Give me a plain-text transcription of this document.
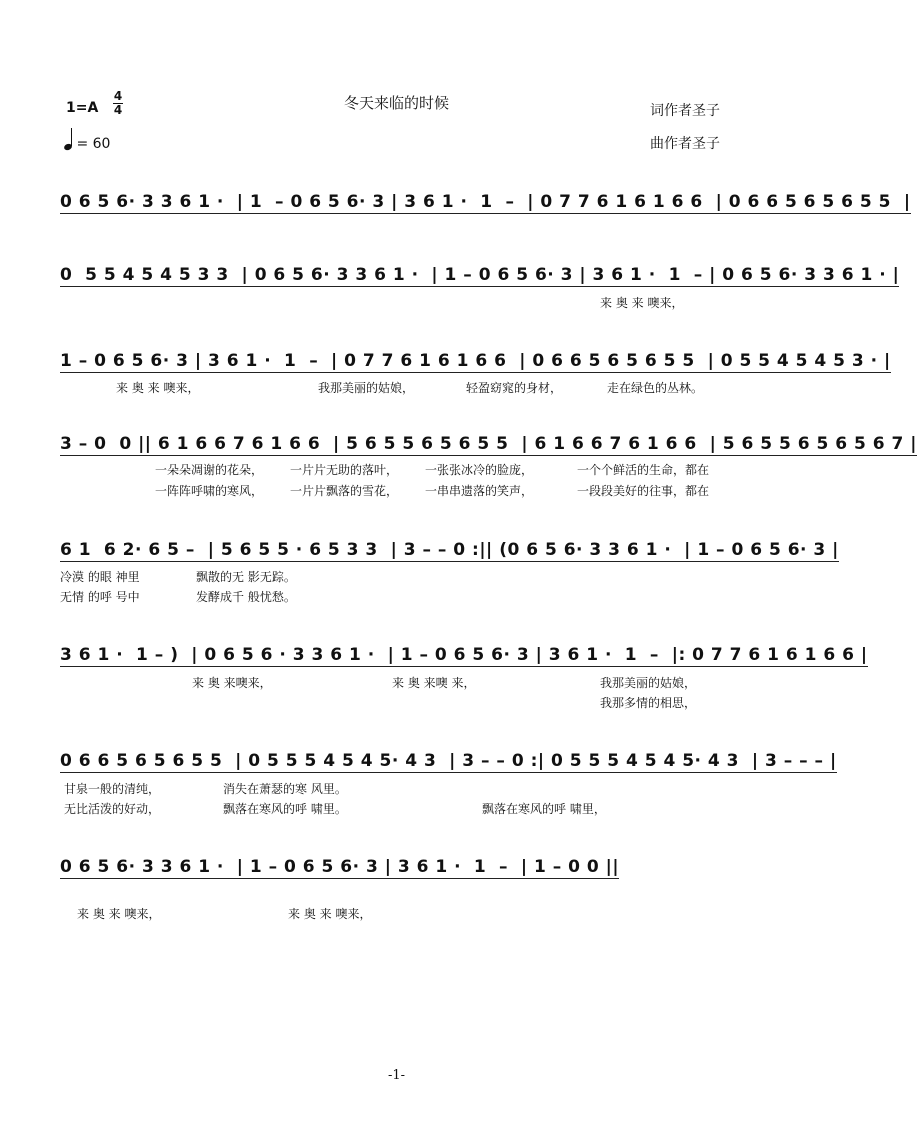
1=A
4
4
= 60
冬天来临的时候	词作者圣子
曲作者圣子
0 6 5 6· 3 3 6 1 ·  | 1  – 0 6 5 6· 3 | 3 6 1 ·  1  –  | 0 7 7 6 1 6 1 6 6  | 0 6 6 5 6 5 6 5 5  |
0  5 5 4 5 4 5 3 3  | 0 6 5 6· 3 3 6 1 ·  | 1 – 0 6 5 6· 3 | 3 6 1 ·  1  – | 0 6 5 6· 3 3 6 1 · |
来 奥 来 噢来，
1 – 0 6 5 6· 3 | 3 6 1 ·  1  –  | 0 7 7 6 1 6 1 6 6  | 0 6 6 5 6 5 6 5 5  | 0 5 5 4 5 4 5 3 · |
来 奥 来 噢来，	我那美丽的姑娘，	轻盈窈窕的身材，	走在绿色的丛林。
3 – 0  0 || 6 1 6 6 7 6 1 6 6  | 5 6 5 5 6 5 6 5 5  | 6 1 6 6 7 6 1 6 6  | 5 6 5 5 6 5 6 5 6 7 |
一朵朵凋谢的花朵， 一片片无助的落叶， 一张张冰冷的脸庞，	一个个鲜活的生命，都在
一阵阵呼啸的寒风， 一片片飘落的雪花， 一串串遗落的笑声，	一段段美好的往事，都在
6 1  6 2· 6 5 –  | 5 6 5 5 · 6 5 3 3  | 3 – – 0 :|| (0 6 5 6· 3 3 6 1 ·  | 1 – 0 6 5 6· 3 |
冷漠 的眼 神里	飘散的无 影无踪。
无情 的呼 号中	发酵成千 般忧愁。
3 6 1 ·  1 – )  | 0 6 5 6 · 3 3 6 1 ·  | 1 – 0 6 5 6· 3 | 3 6 1 ·  1  –  |: 0 7 7 6 1 6 1 6 6 |
来 奥 来噢来，	来 奥 来噢 来，	我那美丽的姑娘，
我那多情的相思，
0 6 6 5 6 5 6 5 5  | 0 5 5 5 4 5 4 5· 4 3  | 3 – – 0 :| 0 5 5 5 4 5 4 5· 4 3  | 3 – – – |
甘泉一般的清纯，	消失在萧瑟的寒 风里。
无比活泼的好动，	飘落在寒风的呼 啸里。	飘落在寒风的呼 啸里，
0 6 5 6· 3 3 6 1 ·  | 1 – 0 6 5 6· 3 | 3 6 1 ·  1  –  | 1 – 0 0 ||
来 奥 来 噢来，	来 奥 来 噢来，
-1-
